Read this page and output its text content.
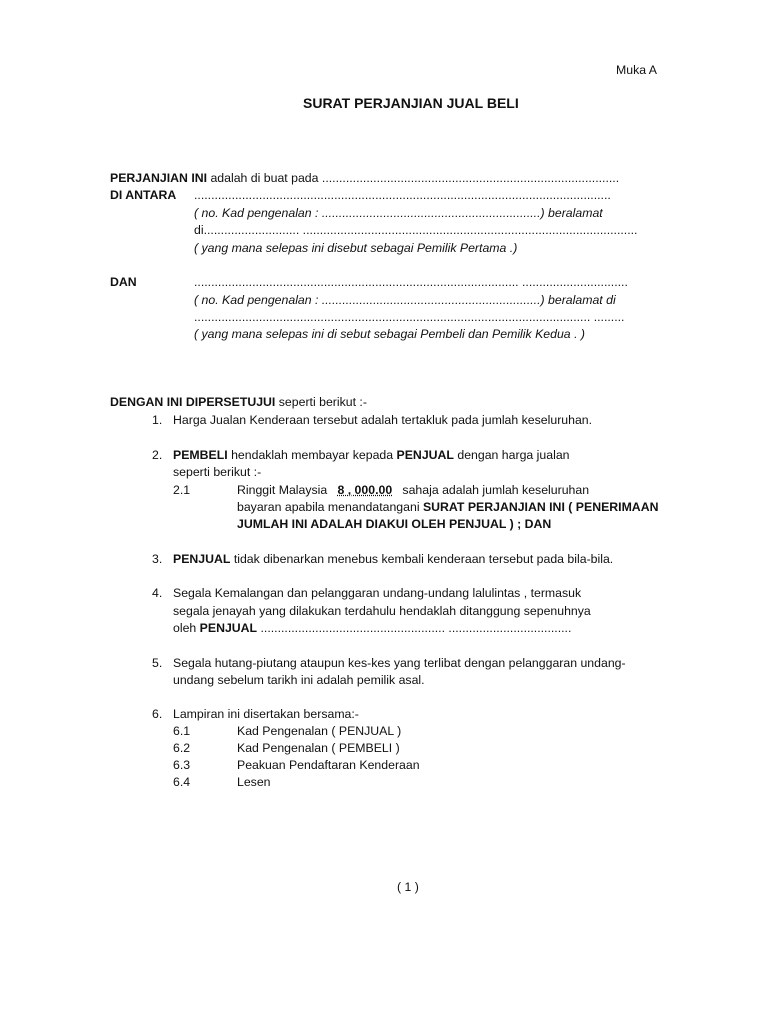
Muka A
SURAT PERJANJIAN JUAL BELI
PERJANJIAN INI adalah di buat pada .......................................................................................
DI ANTARA ..........................................................................................................................
( no. Kad pengenalan : ................................................................) beralamat
di............................ ..................................................................................................
( yang mana selepas ini disebut sebagai Pemilik Pertama .)
DAN	............................................................................................... ...............................
( no. Kad pengenalan : ................................................................) beralamat di
.................................................................................................................... .........
( yang mana selepas ini di sebut sebagai Pembeli dan Pemilik Kedua . )
DENGAN INI DIPERSETUJUI seperti berikut :-
1. Harga Jualan Kenderaan tersebut adalah tertakluk pada jumlah keseluruhan.
2. PEMBELI hendaklah membayar kepada PENJUAL dengan harga jualan
seperti berikut :-
2.1	Ringgit Malaysia 8 , 000.00 sahaja adalah jumlah keseluruhan
bayaran apabila menandatangani SURAT PERJANJIAN INI ( PENERIMAAN
JUMLAH INI ADALAH DIAKUI OLEH PENJUAL ) ; DAN
3. PENJUAL tidak dibenarkan menebus kembali kenderaan tersebut pada bila-bila.
4. Segala Kemalangan dan pelanggaran undang-undang lalulintas , termasuk
segala jenayah yang dilakukan terdahulu hendaklah ditanggung sepenuhnya
oleh PENJUAL ...................................................... ....................................
5. Segala hutang-piutang ataupun kes-kes yang terlibat dengan pelanggaran undang-
undang sebelum tarikh ini adalah pemilik asal.
6. Lampiran ini disertakan bersama:-
6.1	Kad Pengenalan ( PENJUAL )
6.2	Kad Pengenalan ( PEMBELI )
6.3	Peakuan Pendaftaran Kenderaan
6.4	Lesen
( 1 )
